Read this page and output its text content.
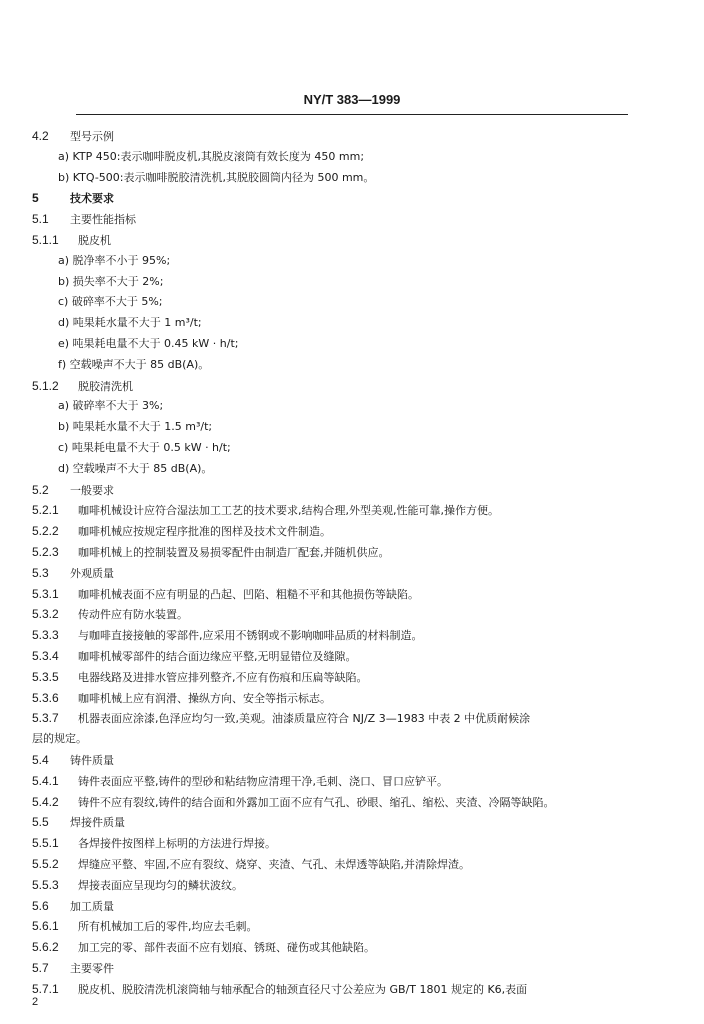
NY/T 383—1999
4.2 型号示例
a) KTP 450:表示咖啡脱皮机,其脱皮滚筒有效长度为 450 mm;
b) KTQ-500:表示咖啡脱胶清洗机,其脱胶圆筒内径为 500 mm。
5	技术要求
5.1 主要性能指标
5.1.1 脱皮机
a) 脱净率不小于 95%;
b) 损失率不大于 2%;
c) 破碎率不大于 5%;
d) 吨果耗水量不大于 1 m³/t;
e) 吨果耗电量不大于 0.45 kW · h/t;
f) 空载噪声不大于 85 dB(A)。
5.1.2 脱胶清洗机
a) 破碎率不大于 3%;
b) 吨果耗水量不大于 1.5 m³/t;
c) 吨果耗电量不大于 0.5 kW · h/t;
d) 空载噪声不大于 85 dB(A)。
5.2 一般要求
5.2.1 咖啡机械设计应符合湿法加工工艺的技术要求,结构合理,外型美观,性能可靠,操作方便。
5.2.2 咖啡机械应按规定程序批准的图样及技术文件制造。
5.2.3 咖啡机械上的控制装置及易损零配件由制造厂配套,并随机供应。
5.3 外观质量
5.3.1 咖啡机械表面不应有明显的凸起、凹陷、粗糙不平和其他损伤等缺陷。
5.3.2 传动件应有防水装置。
5.3.3 与咖啡直接接触的零部件,应采用不锈钢或不影响咖啡品质的材料制造。
5.3.4 咖啡机械零部件的结合面边缘应平整,无明显错位及缝隙。
5.3.5 电器线路及进排水管应排列整齐,不应有伤痕和压扁等缺陷。
5.3.6 咖啡机械上应有润滑、操纵方向、安全等指示标志。
5.3.7 机器表面应涂漆,色泽应均匀一致,美观。油漆质量应符合 NJ/Z 3—1983 中表 2 中优质耐候涂
层的规定。
5.4 铸件质量
5.4.1 铸件表面应平整,铸件的型砂和粘结物应清理干净,毛刺、浇口、冒口应铲平。
5.4.2 铸件不应有裂纹,铸件的结合面和外露加工面不应有气孔、砂眼、缩孔、缩松、夹渣、冷隔等缺陷。
5.5 焊接件质量
5.5.1 各焊接件按图样上标明的方法进行焊接。
5.5.2 焊缝应平整、牢固,不应有裂纹、烧穿、夹渣、气孔、未焊透等缺陷,并清除焊渣。
5.5.3 焊接表面应呈现均匀的鳞状波纹。
5.6 加工质量
5.6.1 所有机械加工后的零件,均应去毛刺。
5.6.2 加工完的零、部件表面不应有划痕、锈斑、碰伤或其他缺陷。
5.7 主要零件
5.7.1 脱皮机、脱胶清洗机滚筒轴与轴承配合的轴颈直径尺寸公差应为 GB/T 1801 规定的 K6,表面
2
